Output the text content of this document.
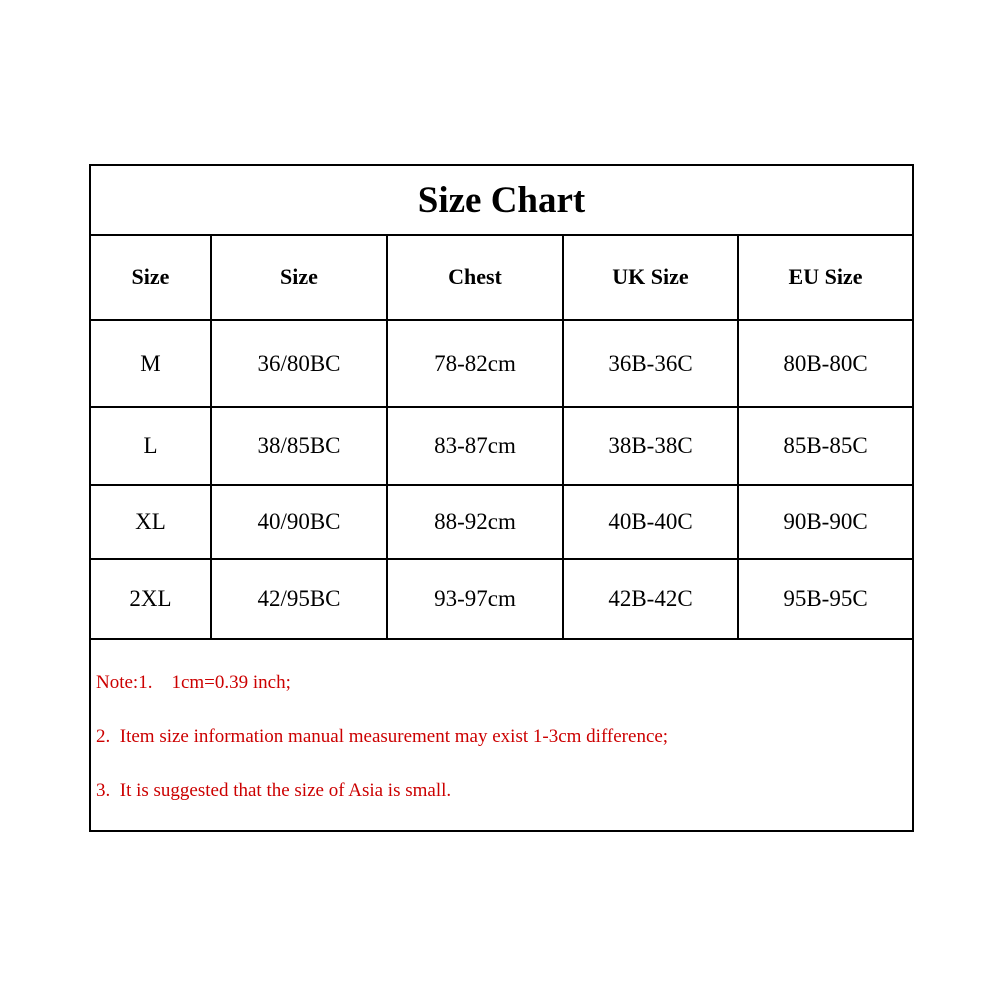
Size Chart
Size	Size	Chest	UK Size	EU Size
M	36/80BC	78-82cm	36B-36C	80B-80C
L	38/85BC	83-87cm	38B-38C	85B-85C
XL	40/90BC	88-92cm	40B-40C	90B-90C
2XL	42/95BC	93-97cm	42B-42C	95B-95C
Note:1.    1cm=0.39 inch;
2.  Item size information manual measurement may exist 1-3cm difference;
3.  It is suggested that the size of Asia is small.
